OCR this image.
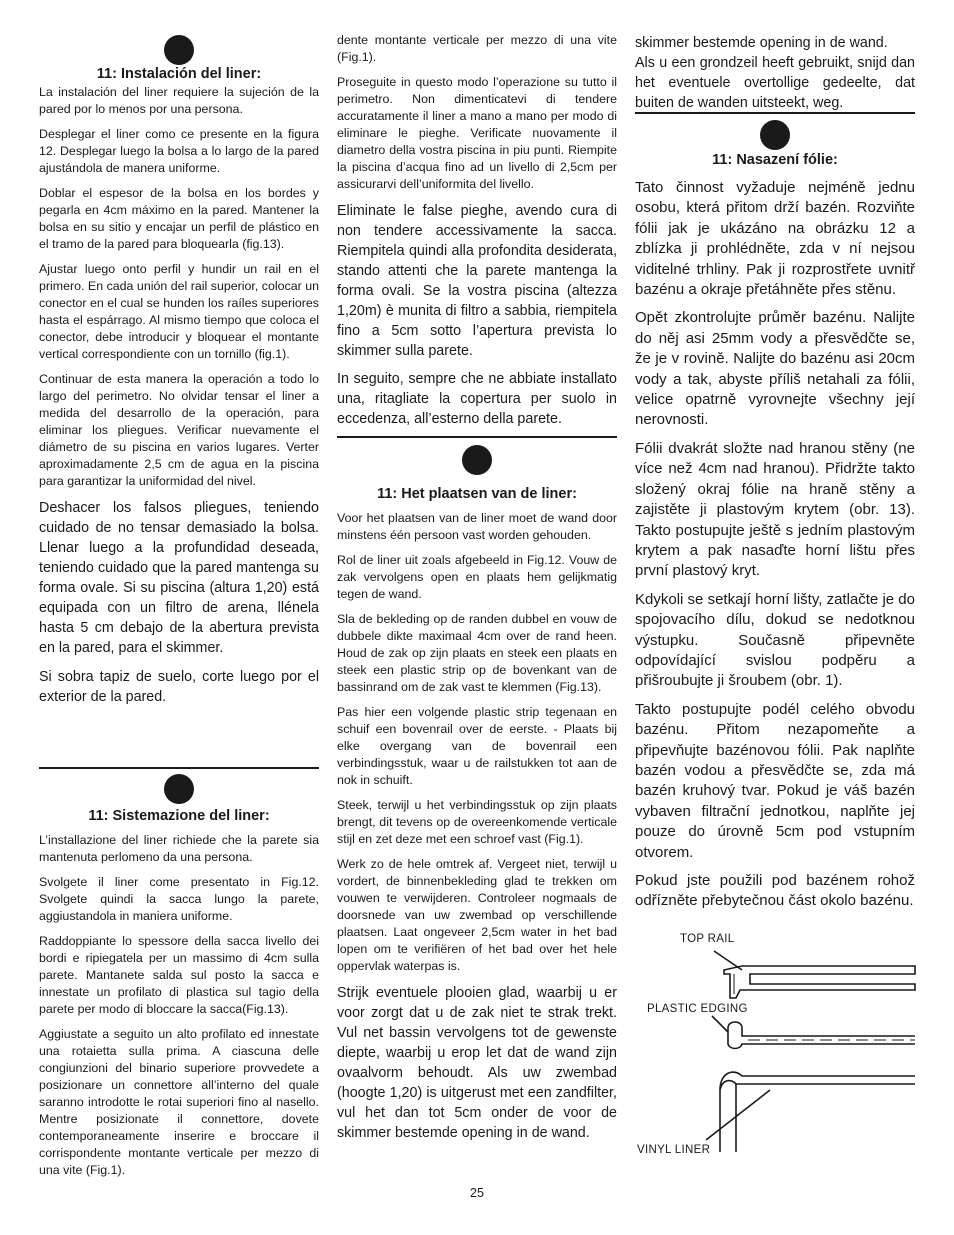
11: Instalación del liner:

La instalación del liner requiere la sujeción de la pared por lo menos por una persona.

Desplegar el liner como ce presente en la figura 12. Desplegar luego la bolsa a lo largo de la pared ajustándola de manera uniforme.

Doblar el espesor de la bolsa en los bordes y pegarla en 4cm máximo en la pared. Mantener la bolsa en su sitio y encajar un perfil de plástico en el tramo de la pared para bloquearla (fig.13).

Ajustar luego onto perfil y hundir un rail en el primero. En cada unión del rail superior, colocar un conector en el cual se hunden los raíles superiores hasta el espárrago. Al mismo tiempo que coloca el conector, debe introducir y bloquear el montante vertical correspondiente con un tornillo (fig.1).

Continuar de esta manera la operación a todo lo largo del perimetro. No olvidar tensar el liner a medida del desarrollo de la operación, para eliminar los pliegues. Verificar nuevamente el diámetro de su piscina en varios lugares. Verter aproximadamente 2,5 cm de agua en la piscina para garantizar la uniformidad del nivel.

Deshacer los falsos pliegues, teniendo cuidado de no tensar demasiado la bolsa. Llenar luego a la profundidad deseada, teniendo cuidado que la pared mantenga su forma ovale. Si su piscina (altura 1,20) está equipada con un filtro de arena, llénela hasta 5 cm debajo de la abertura prevista en la pared, para el skimmer.

Si sobra tapiz de suelo, corte luego por el exterior de la pared.

11: Sistemazione del liner:

L’installazione del liner richiede che la parete sia mantenuta perlomeno da una persona.

Svolgete il liner come presentato in Fig.12. Svolgete quindi la sacca lungo la parete, aggiustandola in maniera uniforme.

Raddoppiante lo spessore della sacca livello dei bordi e ripiegatela per un massimo di 4cm sulla parete. Mantanete salda sul posto la sacca e innestate un profilato di plastica sul tagio della parete per modo di bloccare la sacca(Fig.13).

Aggiustate a seguito un alto profilato ed innestate una rotaietta sulla prima. A ciascuna delle congiunzioni del binario superiore provvedete a posizionare un connettore all’interno del quale saranno introdotte le rotai superiori fino al nasello. Mentre posizionate il connettore, dovete contemporaneamente inserire e broccare il corrispondente montante verticale per mezzo di una vite (Fig.1).

dente montante verticale per mezzo di una vite (Fig.1).

Proseguite in questo modo l’operazione su tutto il perimetro. Non dimenticatevi di tendere accuratamente il liner a mano a mano per modo di eliminare le pieghe. Verificate nuovamente il diametro della vostra piscina in piu punti. Riempite la piscina d’acqua fino ad un livello di 2,5cm per assicurarvi dell’uniformita del livello.

Eliminate le false pieghe, avendo cura di non tendere accessivamente la sacca. Riempitela quindi alla profondita desiderata, stando attenti che la parete mantenga la forma ovali. Se la vostra piscina (altezza 1,20m) è munita di filtro a sabbia, riempitela fino a 5cm sotto l’apertura prevista lo skimmer sulla parete.

In seguito, sempre che ne abbiate installato una, ritagliate la copertura per suolo in eccedenza, all’esterno della parete.

11: Het plaatsen van de liner:

Voor het plaatsen van de liner moet de wand door minstens één persoon vast worden gehouden.

Rol de liner uit zoals afgebeeld in Fig.12. Vouw de zak vervolgens open en plaats hem gelijkmatig tegen de wand.

Sla de bekleding op de randen dubbel en vouw de dubbele dikte maximaal 4cm over de rand heen. Houd de zak op zijn plaats en steek een plaats en steek een plastic strip op de bovenkant van de bassinrand om de zak vast te klemmen (Fig.13).

Pas hier een volgende plastic strip tegenaan en schuif een bovenrail over de eerste. - Plaats bij elke overgang van de bovenrail een verbindingsstuk, waar u de railstukken tot aan de nok in schuift.

Steek, terwijl u het verbindingsstuk op zijn plaats brengt, dit tevens op de overeenkomende verticale stijl en zet deze met een schroef vast (Fig.1).

Werk zo de hele omtrek af. Vergeet niet, terwijl u vordert, de binnenbekleding glad te trekken om vouwen te verwijderen. Controleer nogmaals de doorsnede van uw zwembad op verschillende plaatsen. Laat ongeveer 2,5cm water in het bad lopen om te verifiëren of het bad over het hele oppervlak waterpas is.

Strijk eventuele plooien glad, waarbij u er voor zorgt dat u de zak niet te strak trekt. Vul net bassin vervolgens tot de gewenste diepte, waarbij u erop let dat de wand zijn ovaalvorm behoudt. Als uw zwembad (hoogte 1,20) is uitgerust met een zandfilter, vul het dan tot 5cm onder de voor de skimmer bestemde opening in de wand.

skimmer bestemde opening in de wand.

Als u een grondzeil heeft gebruikt, snijd dan het eventuele overtollige gedeelte, dat buiten de wanden uitsteekt, weg.

11: Nasazení fólie:

Tato činnost vyžaduje nejméně jednu osobu, která přitom drží bazén. Rozviňte fólii jak je ukázáno na obrázku 12 a zblízka ji prohlédněte, zda v ní nejsou viditelné trhliny. Pak ji rozprostřete uvnitř bazénu a okraje přetáhněte přes stěnu.

Opět zkontrolujte průměr bazénu. Nalijte do něj asi 25mm vody a přesvědčte se, že je v rovině. Nalijte do bazénu asi 20cm vody a tak, abyste příliš netahali za fólii, velice opatrně vyrovnejte všechny její nerovnosti.

Fólii dvakrát složte nad hranou stěny (ne více než 4cm nad hranou). Přidržte takto složený okraj fólie na hraně stěny a zajistěte ji plastovým krytem (obr. 13). Takto postupujte ještě s jedním plastovým krytem a pak nasaďte horní lištu přes první plastový kryt.

Kdykoli se setkají horní lišty, zatlačte je do spojovacího dílu, dokud se nedotknou výstupku. Současně připevněte odpovídající svislou podpěru a přišroubujte ji šroubem (obr. 1).

Takto postupujte podél celého obvodu bazénu. Přitom nezapomeňte a připevňujte bazénovou fólii. Pak naplňte bazén vodou a přesvědčte se, zda má bazén kruhový tvar. Pokud je váš bazén vybaven filtrační jednotkou, naplňte jej pouze do úrovně 5cm pod vstupním otvorem.

Pokud jste použili pod bazénem rohož odřízněte přebytečnou část okolo bazénu.

TOP RAIL
PLASTIC EDGING
VINYL LINER
25
